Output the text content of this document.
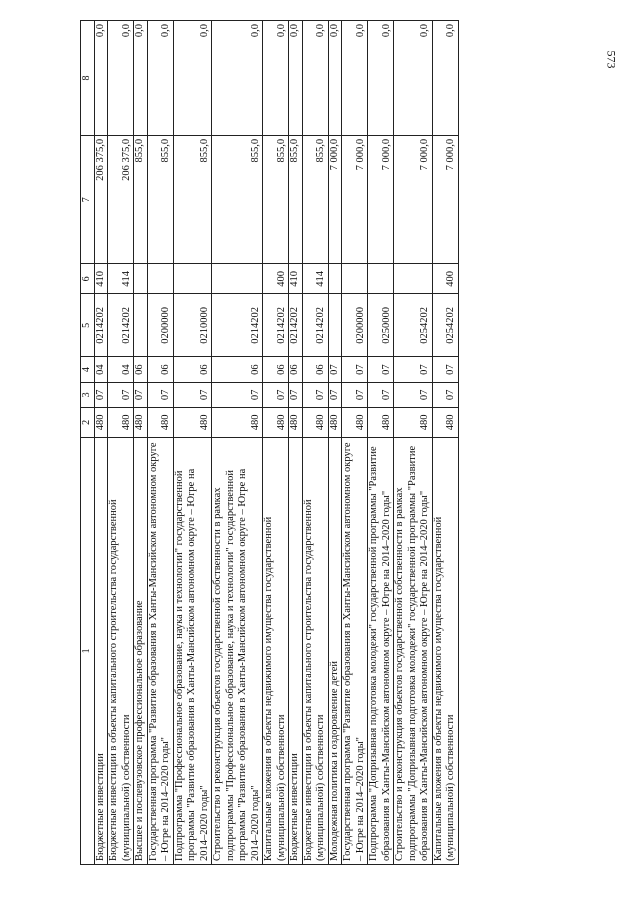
573
1	2	3	4	5	6	7	8
Бюджетные инвестиции	480	07	04	0214202	410	206 375,0	0,0
Бюджетные инвестиции в объекты капитального строительства государственной (муниципальной) собственности	480	07	04	0214202	414	206 375,0	0,0
Высшее и послевузовское профессиональное образование	480	07	06			855,0	0,0
Государственная программа "Развитие образования в Ханты-Мансийском автономном округе – Югре на 2014–2020 годы"	480	07	06	0200000		855,0	0,0
Подпрограмма "Профессиональное образование, наука и технологии" государственной программы "Развитие образования в Ханты-Мансийском автономном округе – Югре на 2014–2020 годы"	480	07	06	0210000		855,0	0,0
Строительство и реконструкция объектов государственной собственности в рамках подпрограммы "Профессиональное образование, наука и технологии" государственной программы "Развитие образования в Ханты-Мансийском автономном округе – Югре на 2014–2020 годы"	480	07	06	0214202		855,0	0,0
Капитальные вложения в объекты недвижимого имущества государственной (муниципальной) собственности	480	07	06	0214202	400	855,0	0,0
Бюджетные инвестиции	480	07	06	0214202	410	855,0	0,0
Бюджетные инвестиции в объекты капитального строительства государственной (муниципальной) собственности	480	07	06	0214202	414	855,0	0,0
Молодежная политика и оздоровление детей	480	07	07			7 000,0	0,0
Государственная программа "Развитие образования в Ханты-Мансийском автономном округе – Югре на 2014–2020 годы"	480	07	07	0200000		7 000,0	0,0
Подпрограмма "Допризывная подготовка молодежи" государственной программы "Развитие образования в Ханты-Мансийском автономном округе – Югре на 2014–2020 годы"	480	07	07	0250000		7 000,0	0,0
Строительство и реконструкция объектов государственной собственности в рамках подпрограммы "Допризывная подготовка молодежи" государственной программы "Развитие образования в Ханты-Мансийском автономном округе – Югре на 2014–2020 годы"	480	07	07	0254202		7 000,0	0,0
Капитальные вложения в объекты недвижимого имущества государственной (муниципальной) собственности	480	07	07	0254202	400	7 000,0	0,0
